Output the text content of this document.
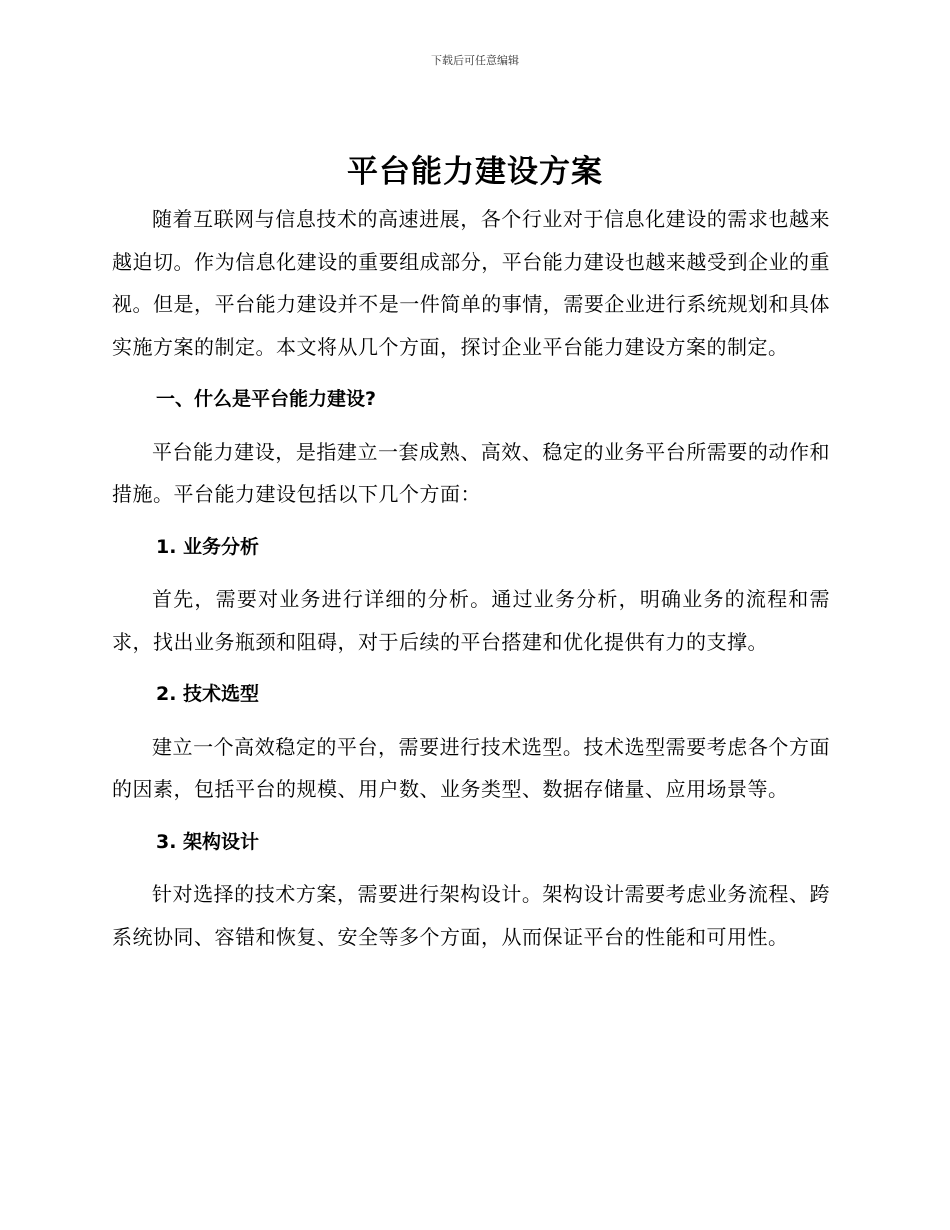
下载后可任意编辑
平台能力建设方案

随着互联网与信息技术的高速进展，各个行业对于信息化建设的需求也越来越迫切。作为信息化建设的重要组成部分，平台能力建设也越来越受到企业的重视。但是，平台能力建设并不是一件简单的事情，需要企业进行系统规划和具体实施方案的制定。本文将从几个方面，探讨企业平台能力建设方案的制定。

一、什么是平台能力建设?

平台能力建设，是指建立一套成熟、高效、稳定的业务平台所需要的动作和措施。平台能力建设包括以下几个方面：

1. 业务分析

首先，需要对业务进行详细的分析。通过业务分析，明确业务的流程和需求，找出业务瓶颈和阻碍，对于后续的平台搭建和优化提供有力的支撑。

2. 技术选型

建立一个高效稳定的平台，需要进行技术选型。技术选型需要考虑各个方面的因素，包括平台的规模、用户数、业务类型、数据存储量、应用场景等。

3. 架构设计

针对选择的技术方案，需要进行架构设计。架构设计需要考虑业务流程、跨系统协同、容错和恢复、安全等多个方面，从而保证平台的性能和可用性。
